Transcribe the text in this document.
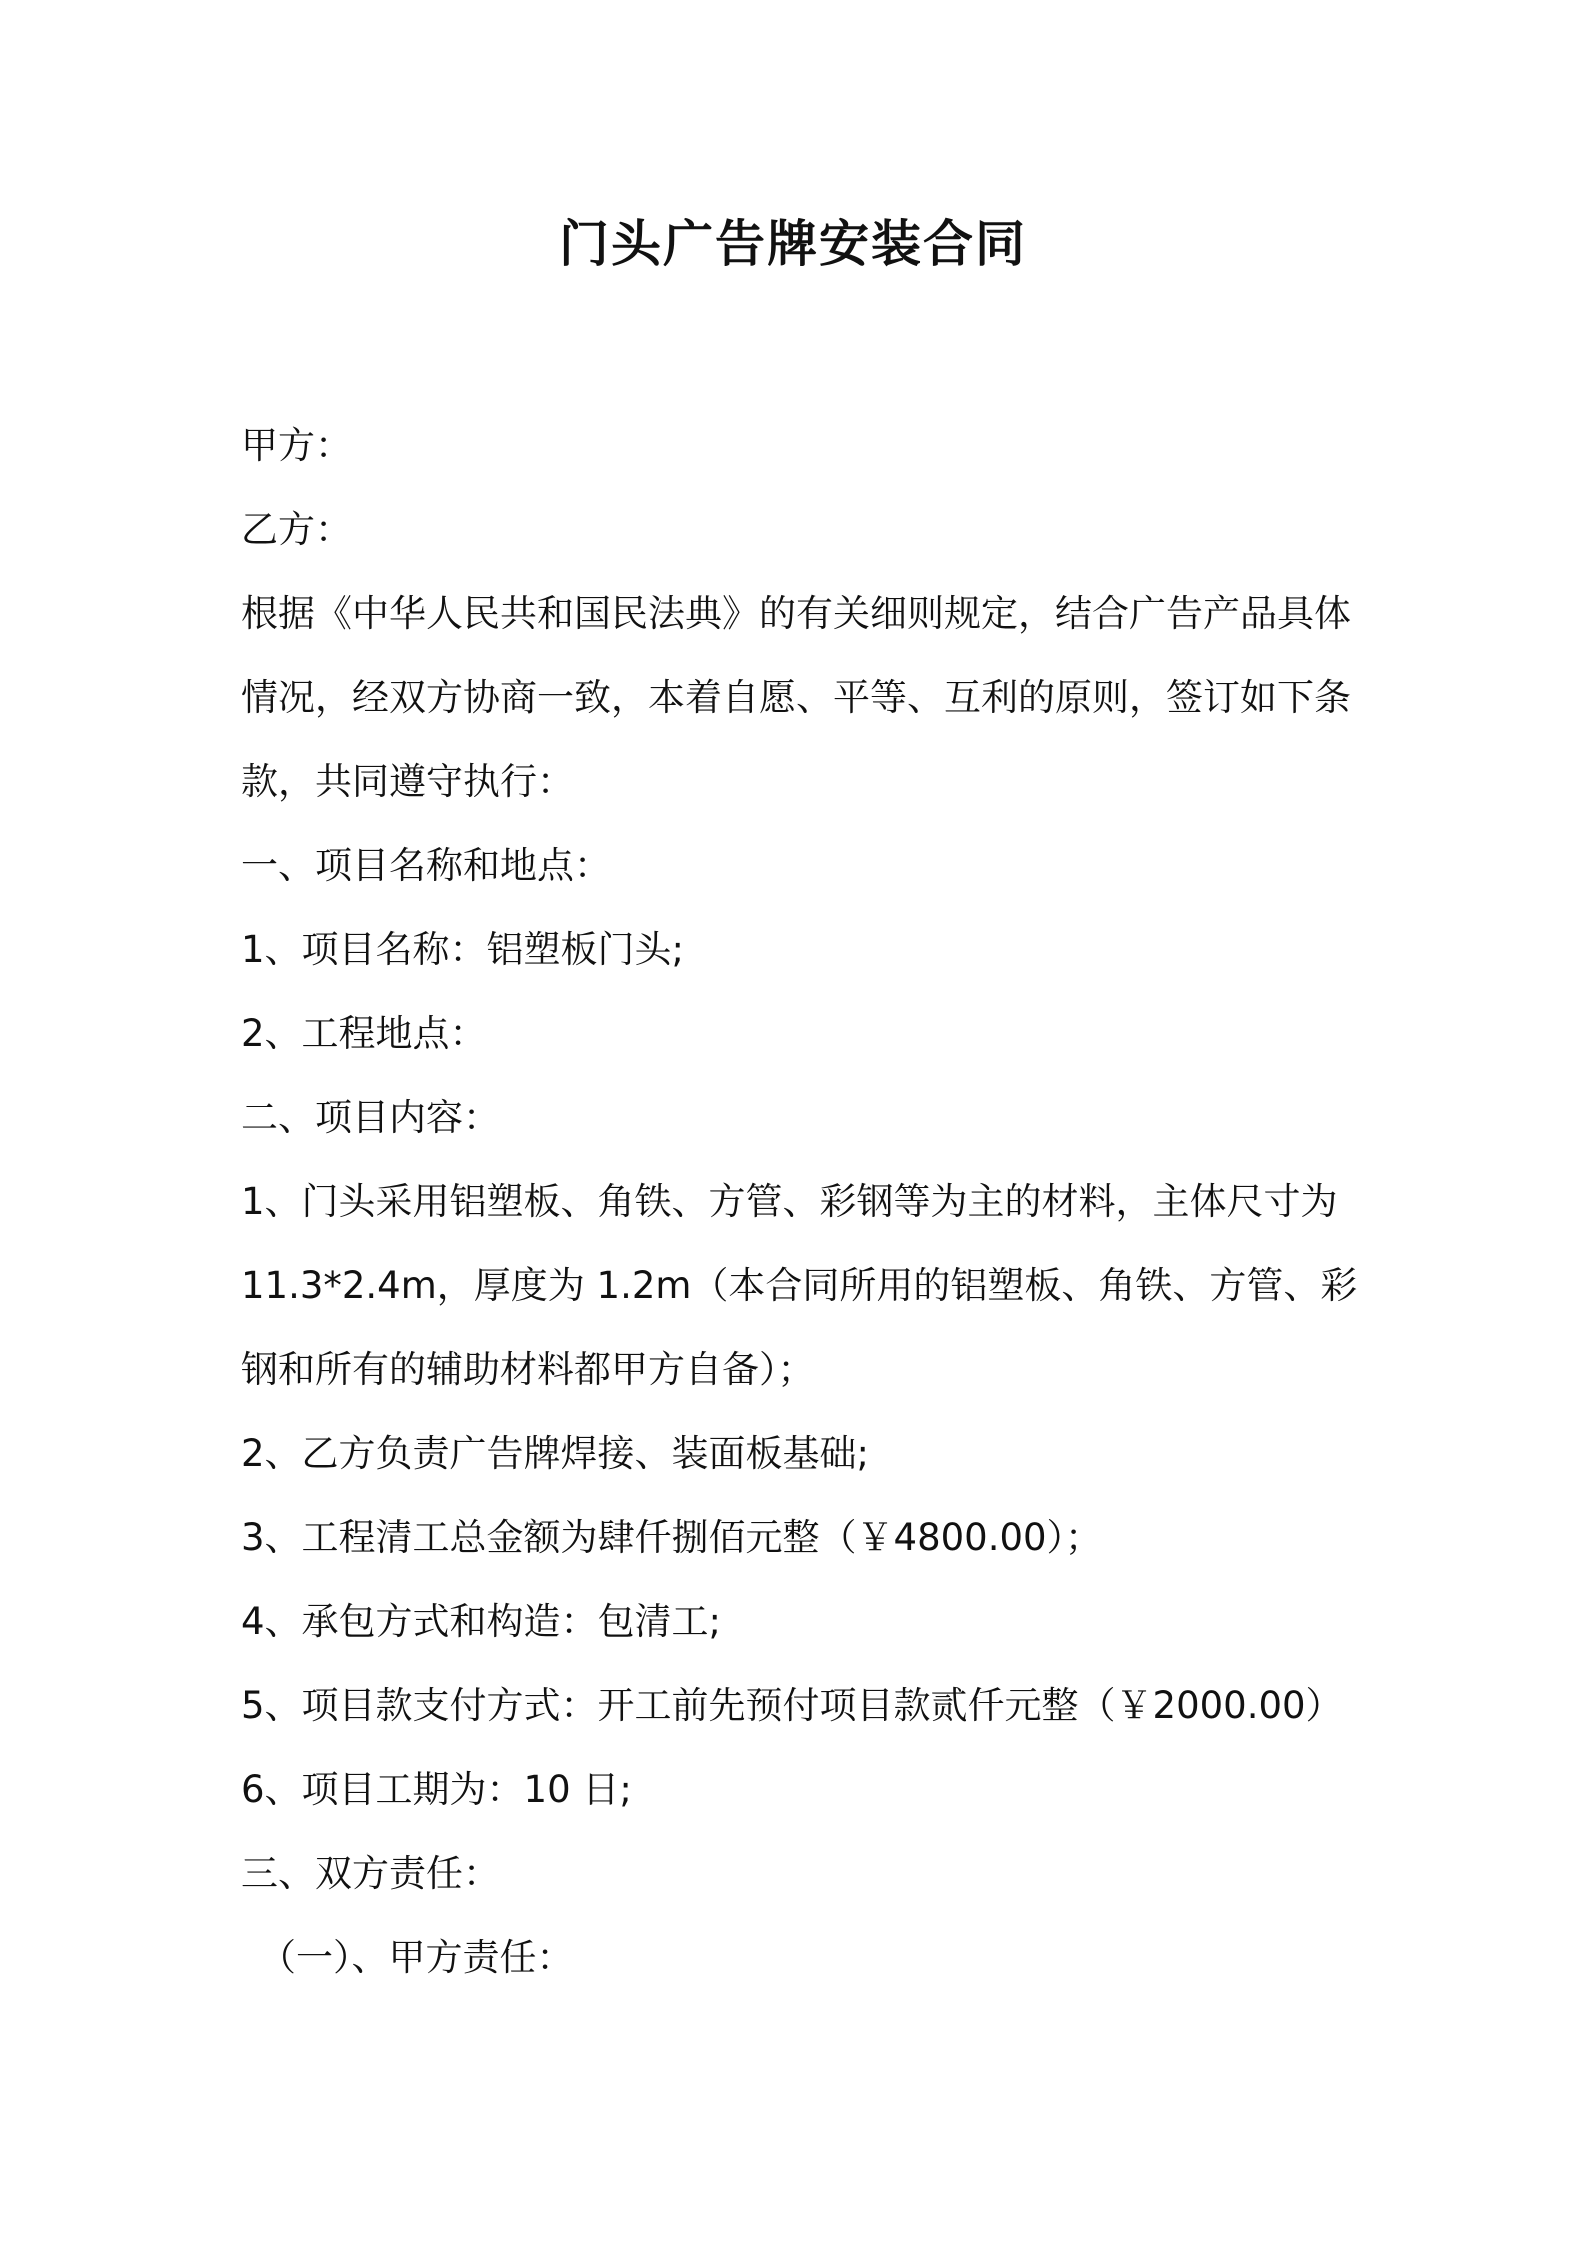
门头广告牌安装合同

甲方：

乙方：

根据《中华人民共和国民法典》的有关细则规定，结合广告产品具体

情况，经双方协商一致，本着自愿、平等、互利的原则，签订如下条

款，共同遵守执行：

一、项目名称和地点：

1、项目名称：铝塑板门头;

2、工程地点：

二、项目内容：

1、门头采用铝塑板、角铁、方管、彩钢等为主的材料，主体尺寸为

11.3*2.4m，厚度为 1.2m（本合同所用的铝塑板、角铁、方管、彩

钢和所有的辅助材料都甲方自备）；

2、乙方负责广告牌焊接、装面板基础;

3、工程清工总金额为肆仟捌佰元整（￥4800.00）；

4、承包方式和构造：包清工;

5、项目款支付方式：开工前先预付项目款贰仟元整（￥2000.00）

6、项目工期为：10 日;

三、双方责任：

（一）、甲方责任：
